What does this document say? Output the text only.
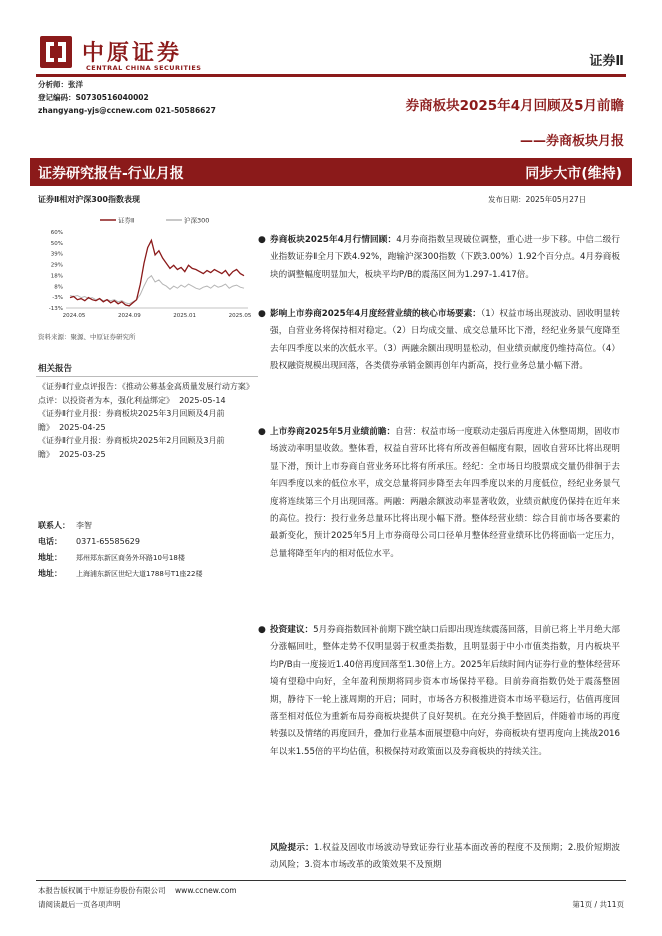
中原证券
CENTRAL CHINA SECURITIES	证券Ⅱ
分析师：张洋
登记编码：S0730516040002
zhangyang-yjs@ccnew.com 021-50586627	券商板块2025年4月回顾及5月前瞻
——券商板块月报
证券研究报告-行业月报	同步大市(维持)
证券Ⅱ相对沪深300指数表现	发布日期：2025年05月27日
证券Ⅱ	沪深300
60%
50%
39%
29%
18%
8%
-3%
-13%
2024.05	2024.09	2025.01	2025.05
资料来源：聚源、中原证券研究所
相关报告
《证券Ⅱ行业点评报告：《推动公募基金高质量发展行动方案》点评：以投资者为本，强化利益绑定》 2025-05-14
《证券Ⅱ行业月报：券商板块2025年3月回顾及4月前瞻》 2025-04-25
《证券Ⅱ行业月报：券商板块2025年2月回顾及3月前瞻》 2025-03-25
联系人： 李智
电话： 0371-65585629
地址： 郑州郑东新区商务外环路10号18楼
地址： 上海浦东新区世纪大道1788号T1座22楼
● 券商板块2025年4月行情回顾：4月券商指数呈现破位调整，重心进一步下移。中信二级行业指数证券Ⅱ全月下跌4.92%，跑输沪深300指数（下跌3.00%）1.92个百分点。4月券商板块的调整幅度明显加大，板块平均P/B的震荡区间为1.297-1.417倍。
● 影响上市券商2025年4月度经营业绩的核心市场要素：（1）权益市场出现波动、固收明显转强，自营业务将保持相对稳定。（2）日均成交量、成交总量环比下滑，经纪业务景气度降至去年四季度以来的次低水平。（3）两融余额出现明显松动，但业绩贡献度仍维持高位。（4）股权融资规模出现回落，各类债券承销金额再创年内新高，投行业务总量小幅下滑。
● 上市券商2025年5月业绩前瞻：自营：权益市场一度联动走强后再度进入休整周期，固收市场波动率明显收敛。整体看，权益自营环比将有所改善但幅度有限，固收自营环比将出现明显下滑，预计上市券商自营业务环比将有所承压。经纪：全市场日均股票成交量仍徘徊于去年四季度以来的低位水平，成交总量将同步降至去年四季度以来的月度低位，经纪业务景气度将连续第三个月出现回落。两融：两融余额波动率显著收敛，业绩贡献度仍保持在近年来的高位。投行：投行业务总量环比将出现小幅下滑。整体经营业绩：综合目前市场各要素的最新变化，预计2025年5月上市券商母公司口径单月整体经营业绩环比仍将面临一定压力，总量将降至年内的相对低位水平。
● 投资建议：5月券商指数回补前期下跳空缺口后即出现连续震荡回落，目前已将上半月绝大部分涨幅回吐，整体走势不仅明显弱于权重类指数，且明显弱于中小市值类指数，月内板块平均P/B由一度接近1.40倍再度回落至1.30倍上方。2025年后续时间内证券行业的整体经营环境有望稳中向好，全年盈利预期将同步资本市场保持平稳。目前券商指数仍处于震荡整固期，静待下一轮上涨周期的开启；同时，市场各方积极推进资本市场平稳运行，估值再度回落至相对低位为重新布局券商板块提供了良好契机。在充分换手整固后，伴随着市场的再度转强以及情绪的再度回升，叠加行业基本面展望稳中向好，券商板块有望再度向上挑战2016年以来1.55倍的平均估值，积极保持对政策面以及券商板块的持续关注。
风险提示：1.权益及固收市场波动导致证券行业基本面改善的程度不及预期；2.股价短期波动风险；3.资本市场改革的政策效果不及预期
本报告版权属于中原证券股份有限公司 www.ccnew.com
请阅读最后一页各项声明	第1页 / 共11页
